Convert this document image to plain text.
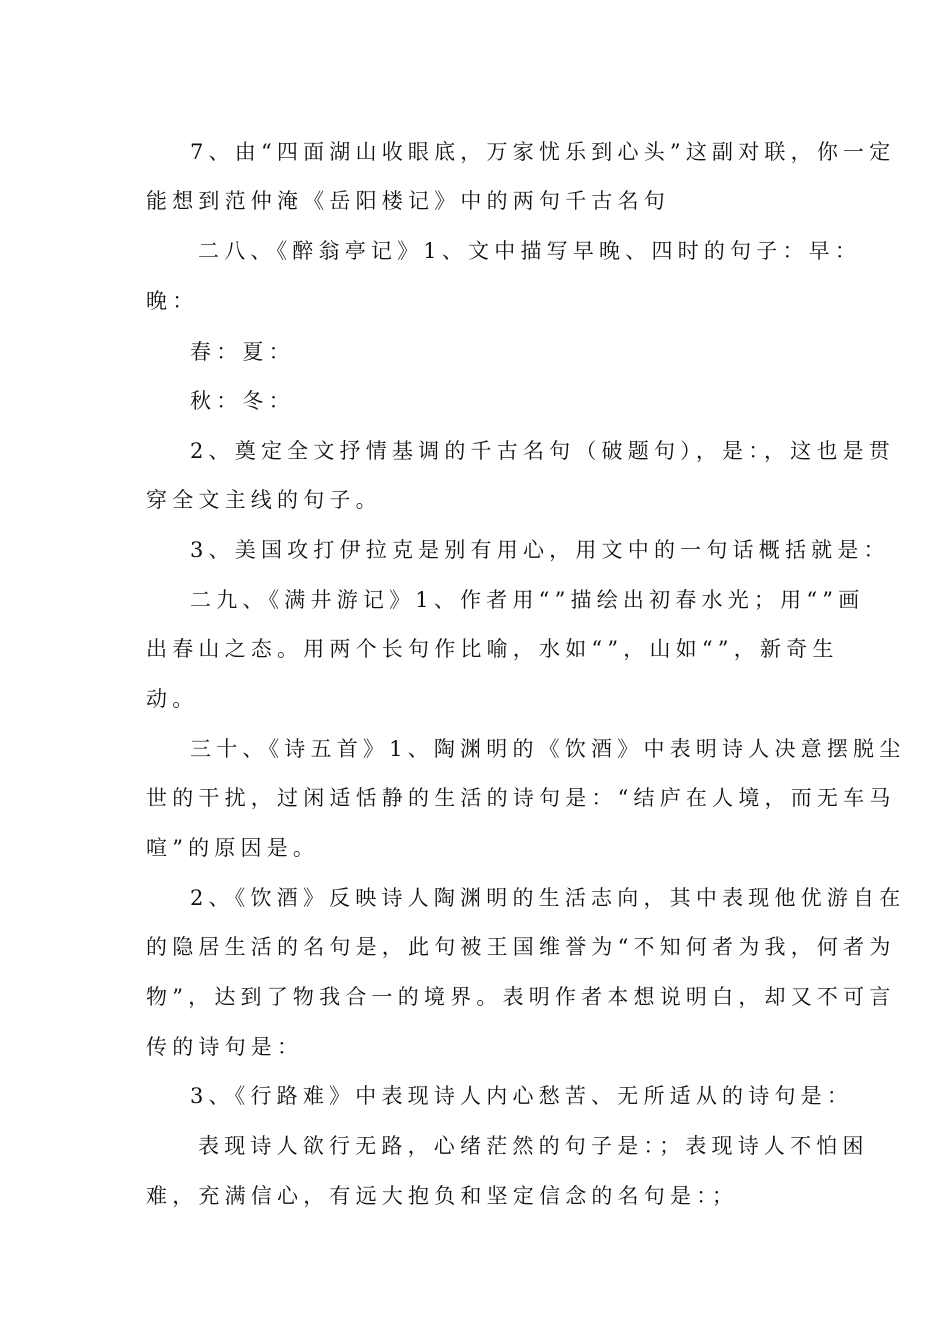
7、由“四面湖山收眼底，万家忧乐到心头”这副对联，你一定
能想到范仲淹《岳阳楼记》中的两句千古名句
二八、《醉翁亭记》1、文中描写早晚、四时的句子：早：
晚：
春：夏：
秋：冬：
2、奠定全文抒情基调的千古名句（破题句），是：，这也是贯
穿全文主线的句子。
3、美国攻打伊拉克是别有用心，用文中的一句话概括就是：
二九、《满井游记》1、作者用“”描绘出初春水光；用“”画
出春山之态。用两个长句作比喻，水如“”，山如“”，新奇生
动。
三十、《诗五首》1、陶渊明的《饮酒》中表明诗人决意摆脱尘
世的干扰，过闲适恬静的生活的诗句是：“结庐在人境，而无车马
喧”的原因是。
2、《饮酒》反映诗人陶渊明的生活志向，其中表现他优游自在
的隐居生活的名句是，此句被王国维誉为“不知何者为我，何者为
物”，达到了物我合一的境界。表明作者本想说明白，却又不可言
传的诗句是：
3、《行路难》中表现诗人内心愁苦、无所适从的诗句是：
表现诗人欲行无路，心绪茫然的句子是：；表现诗人不怕困
难，充满信心，有远大抱负和坚定信念的名句是：；
